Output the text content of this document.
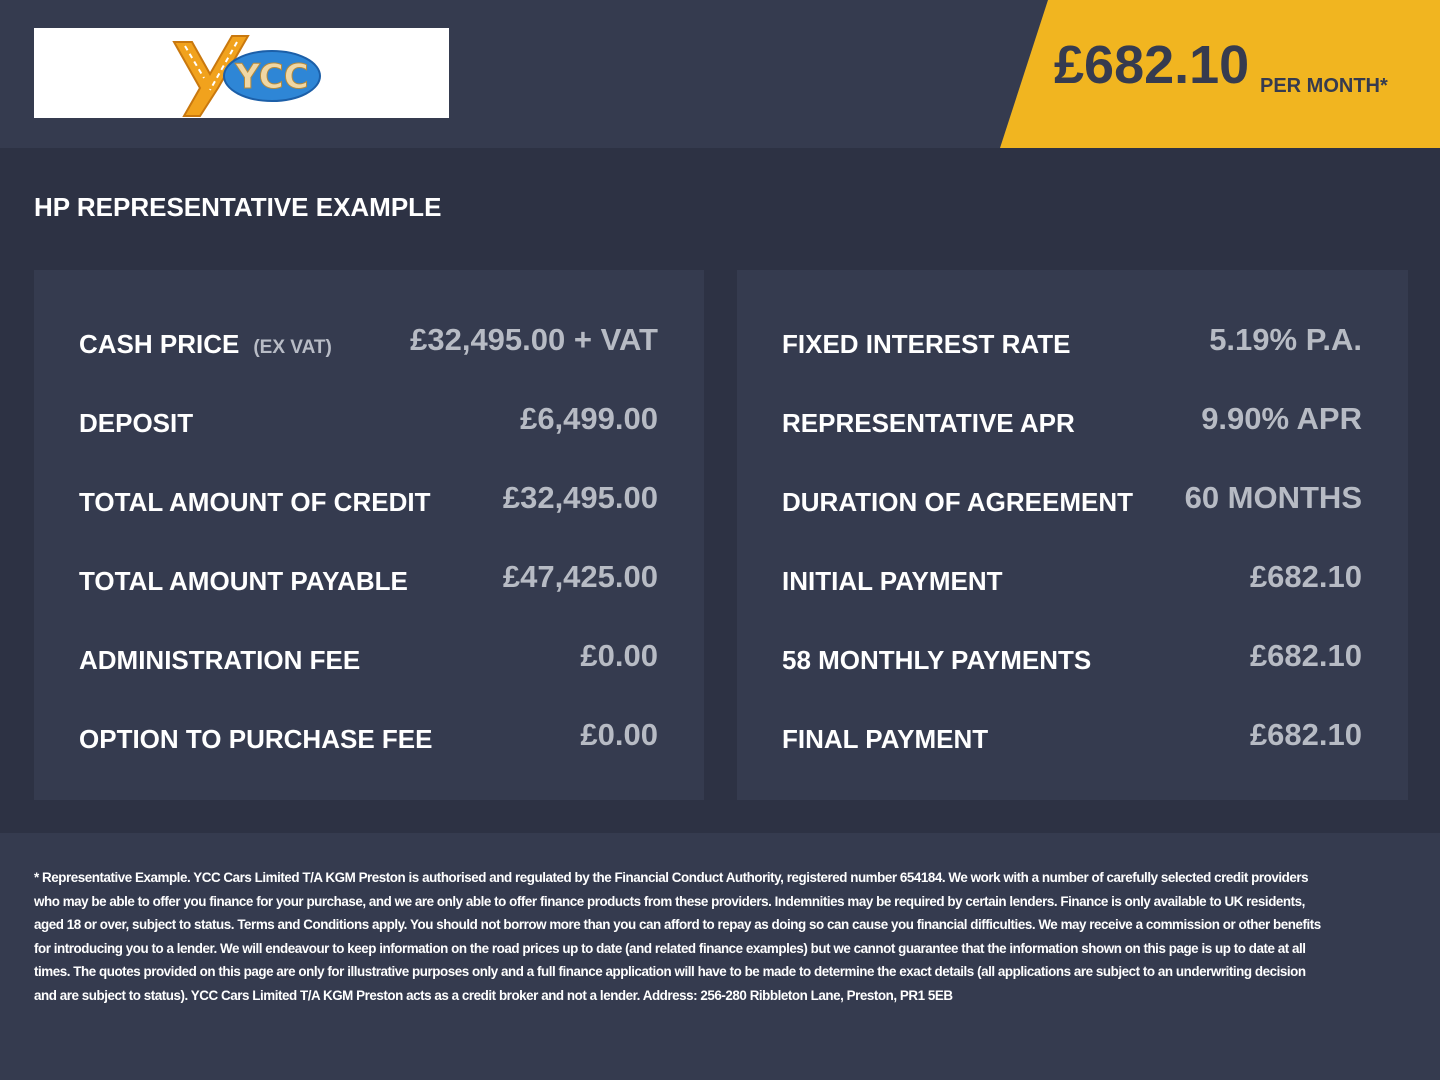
YCC	£682.10 PER MONTH*
HP REPRESENTATIVE EXAMPLE
CASH PRICE (EX VAT)	£32,495.00 + VAT
DEPOSIT	£6,499.00
TOTAL AMOUNT OF CREDIT £32,495.00
TOTAL AMOUNT PAYABLE	£47,425.00
ADMINISTRATION FEE	£0.00
OPTION TO PURCHASE FEE	£0.00
FIXED INTEREST RATE	5.19% P.A.
REPRESENTATIVE APR	9.90% APR
DURATION OF AGREEMENT 60 MONTHS
INITIAL PAYMENT	£682.10
58 MONTHLY PAYMENTS	£682.10
FINAL PAYMENT	£682.10
* Representative Example. YCC Cars Limited T/A KGM Preston is authorised and regulated by the Financial Conduct Authority, registered number 654184. We work with a number of carefully selected credit providers who may be able to offer you finance for your purchase, and we are only able to offer finance products from these providers. Indemnities may be required by certain lenders. Finance is only available to UK residents, aged 18 or over, subject to status. Terms and Conditions apply. You should not borrow more than you can afford to repay as doing so can cause you financial difficulties. We may receive a commission or other benefits for introducing you to a lender. We will endeavour to keep information on the road prices up to date (and related finance examples) but we cannot guarantee that the information shown on this page is up to date at all times. The quotes provided on this page are only for illustrative purposes only and a full finance application will have to be made to determine the exact details (all applications are subject to an underwriting decision and are subject to status). YCC Cars Limited T/A KGM Preston acts as a credit broker and not a lender. Address: 256-280 Ribbleton Lane, Preston, PR1 5EB
